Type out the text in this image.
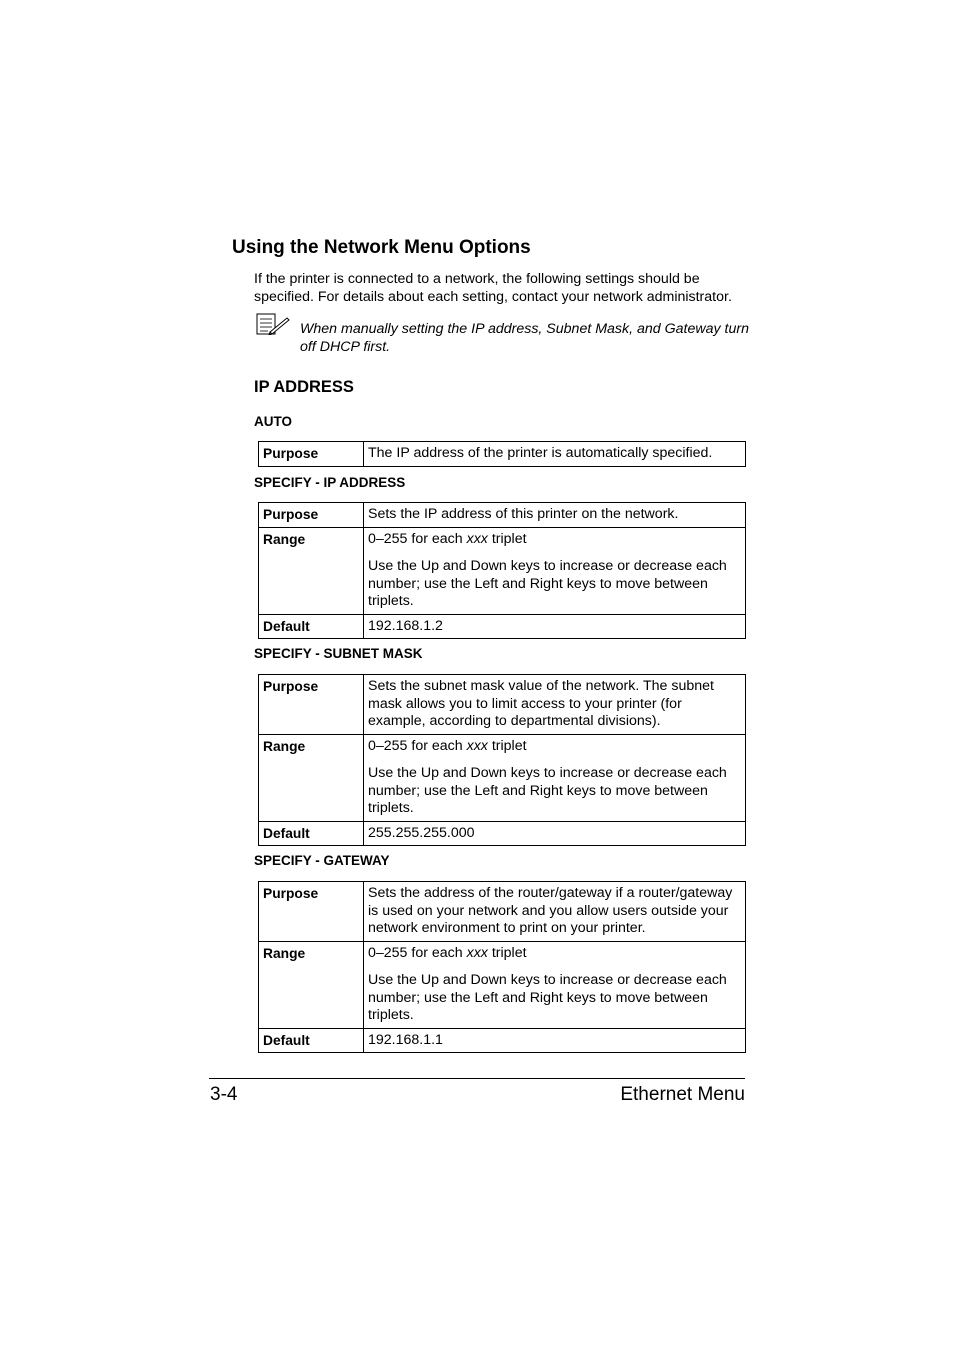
Using the Network Menu Options

If the printer is connected to a network, the following settings should be specified. For details about each setting, contact your network administrator.

When manually setting the IP address, Subnet Mask, and Gateway turn off DHCP first.

IP ADDRESS
AUTO
Purpose	The IP address of the printer is automatically specified.
SPECIFY - IP ADDRESS
Purpose	Sets the IP address of this printer on the network.
Range	0–255 for each xxx triplet

Use the Up and Down keys to increase or decrease each number; use the Left and Right keys to move between triplets.

Default	192.168.1.2
SPECIFY - SUBNET MASK
Purpose	Sets the subnet mask value of the network. The subnet mask allows you to limit access to your printer (for example, according to departmental divisions).
Range	0–255 for each xxx triplet

Use the Up and Down keys to increase or decrease each number; use the Left and Right keys to move between triplets.

Default	255.255.255.000
SPECIFY - GATEWAY
Purpose	Sets the address of the router/gateway if a router/gateway is used on your network and you allow users outside your network environment to print on your printer.
Range	0–255 for each xxx triplet

Use the Up and Down keys to increase or decrease each number; use the Left and Right keys to move between triplets.

Default	192.168.1.1
3-4	Ethernet Menu
